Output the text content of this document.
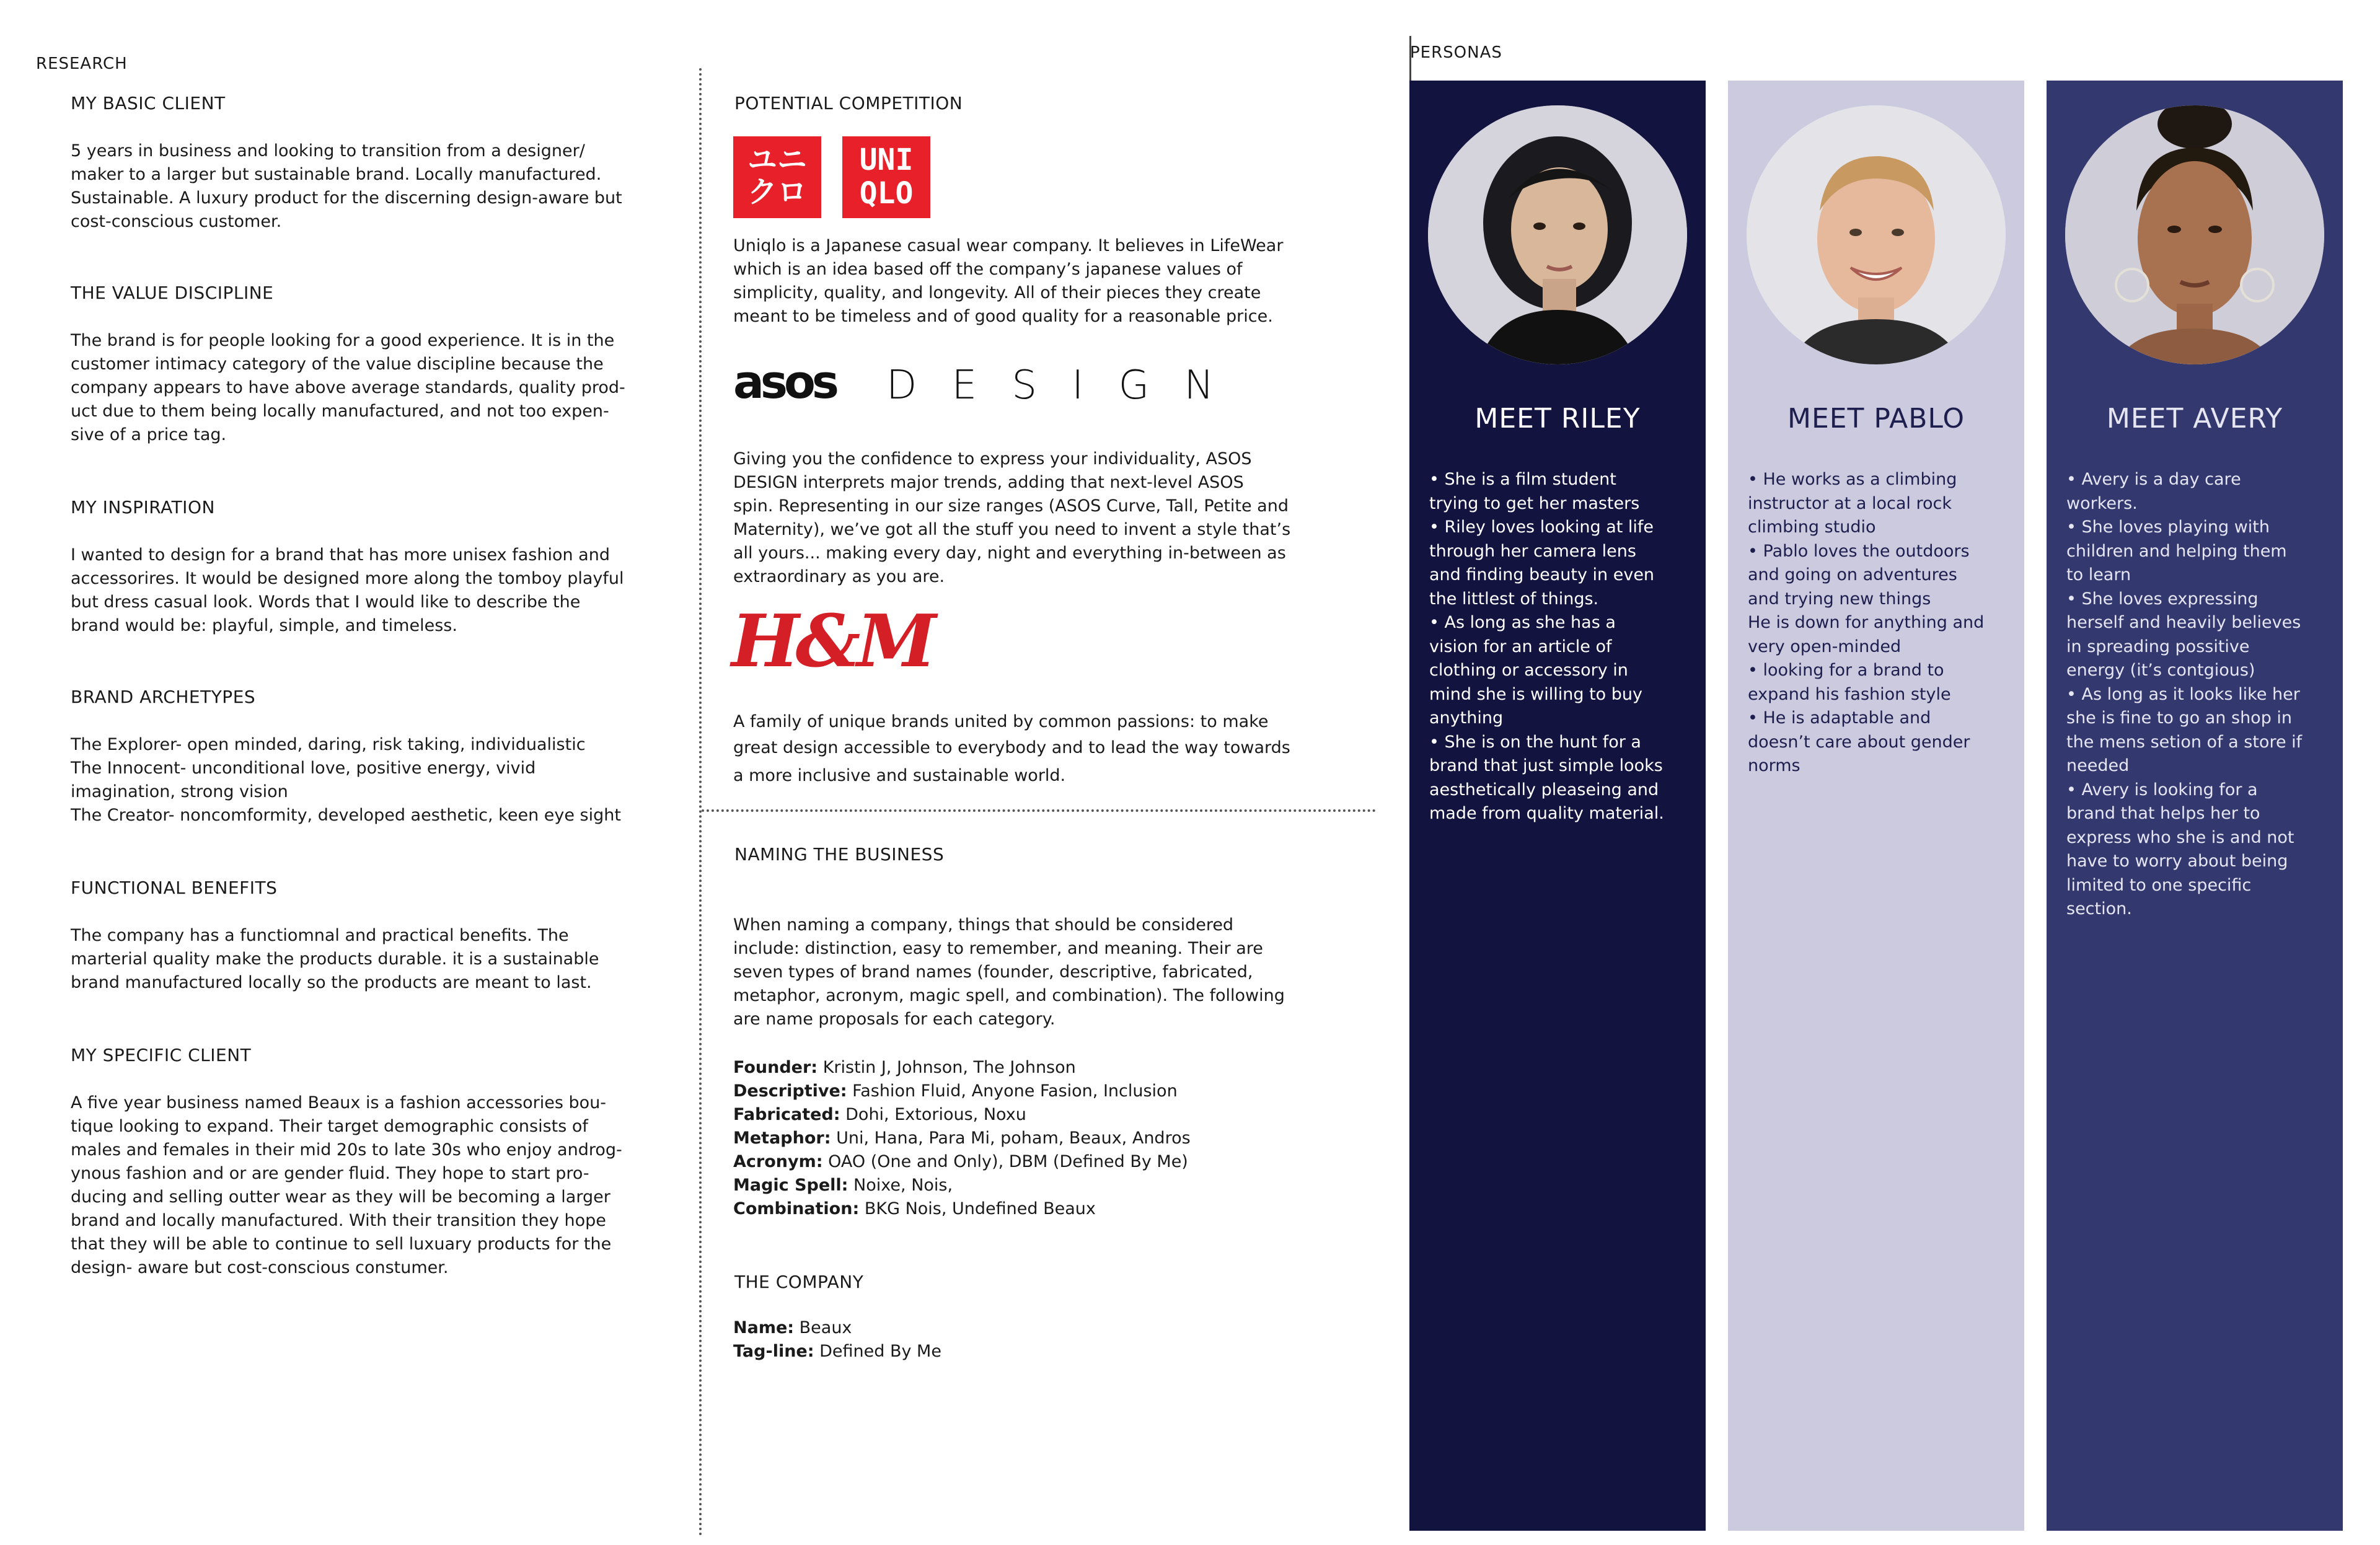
RESEARCH
PERSONAS
MY BASIC CLIENT

5 years in business and looking to transition from a designer/

maker to a larger but sustainable brand. Locally manufactured.

Sustainable. A luxury product for the discerning design-aware but

cost-conscious customer.

THE VALUE DISCIPLINE

The brand is for people looking for a good experience. It is in the

customer intimacy category of the value discipline because the

company appears to have above average standards, quality prod-

uct due to them being locally manufactured, and not too expen-

sive of a price tag.

MY INSPIRATION

I wanted to design for a brand that has more unisex fashion and

accessorires. It would be designed more along the tomboy playful

but dress casual look. Words that I would like to describe the

brand would be: playful, simple, and timeless.

BRAND ARCHETYPES

The Explorer- open minded, daring, risk taking, individualistic

The Innocent- unconditional love, positive energy, vivid

imagination, strong vision

The Creator- noncomformity, developed aesthetic, keen eye sight

FUNCTIONAL BENEFITS

The company has a functiomnal and practical benefits. The

marterial quality make the products durable. it is a sustainable

brand manufactured locally so the products are meant to last.

MY SPECIFIC CLIENT

A five year business named Beaux is a fashion accessories bou-

tique looking to expand. Their target demographic consists of

males and females in their mid 20s to late 30s who enjoy androg-

ynous fashion and or are gender fluid. They hope to start pro-

ducing and selling outter wear as they will be becoming a larger

brand and locally manufactured. With their transition they hope

that they will be able to continue to sell luxuary products for the

design- aware but cost-conscious constumer.

POTENTIAL COMPETITION
ユニ
クロ
UNI
QLO

Uniqlo is a Japanese casual wear company. It believes in LifeWear

which is an idea based off the company’s japanese values of

simplicity, quality, and longevity. All of their pieces they create

meant to be timeless and of good quality for a reasonable price.

asos D E S I G N

Giving you the confidence to express your individuality, ASOS

DESIGN interprets major trends, adding that next-level ASOS

spin. Representing in our size ranges (ASOS Curve, Tall, Petite and

Maternity), we’ve got all the stuff you need to invent a style that’s

all yours... making every day, night and everything in-between as

extraordinary as you are.

H&M

A family of unique brands united by common passions: to make

great design accessible to everybody and to lead the way towards

a more inclusive and sustainable world.

NAMING THE BUSINESS

When naming a company, things that should be considered

include: distinction, easy to remember, and meaning. Their are

seven types of brand names (founder, descriptive, fabricated,

metaphor, acronym, magic spell, and combination). The following

are name proposals for each category.

Founder: Kristin J, Johnson, The Johnson

Descriptive: Fashion Fluid, Anyone Fasion, Inclusion

Fabricated: Dohi, Extorious, Noxu

Metaphor: Uni, Hana, Para Mi, poham, Beaux, Andros

Acronym: OAO (One and Only), DBM (Defined By Me)

Magic Spell: Noixe, Nois,

Combination: BKG Nois, Undefined Beaux

THE COMPANY

Name: Beaux

Tag-line: Defined By Me

MEET RILEY
• She is a film student
trying to get her masters
• Riley loves looking at life
through her camera lens
and finding beauty in even
the littlest of things.
• As long as she has a
vision for an article of
clothing or accessory in
mind she is willing to buy
anything
• She is on the hunt for a
brand that just simple looks
aesthetically pleaseing and
made from quality material.
MEET PABLO
• He works as a climbing
instructor at a local rock
climbing studio
• Pablo loves the outdoors
and going on adventures
and trying new things
He is down for anything and
very open-minded
• looking for a brand to
expand his fashion style
• He is adaptable and
doesn’t care about gender
norms
MEET AVERY
• Avery is a day care
workers.
• She loves playing with
children and helping them
to learn
• She loves expressing
herself and heavily believes
in spreading possitive
energy (it’s contgious)
• As long as it looks like her
she is fine to go an shop in
the mens setion of a store if
needed
• Avery is looking for a
brand that helps her to
express who she is and not
have to worry about being
limited to one specific
section.
